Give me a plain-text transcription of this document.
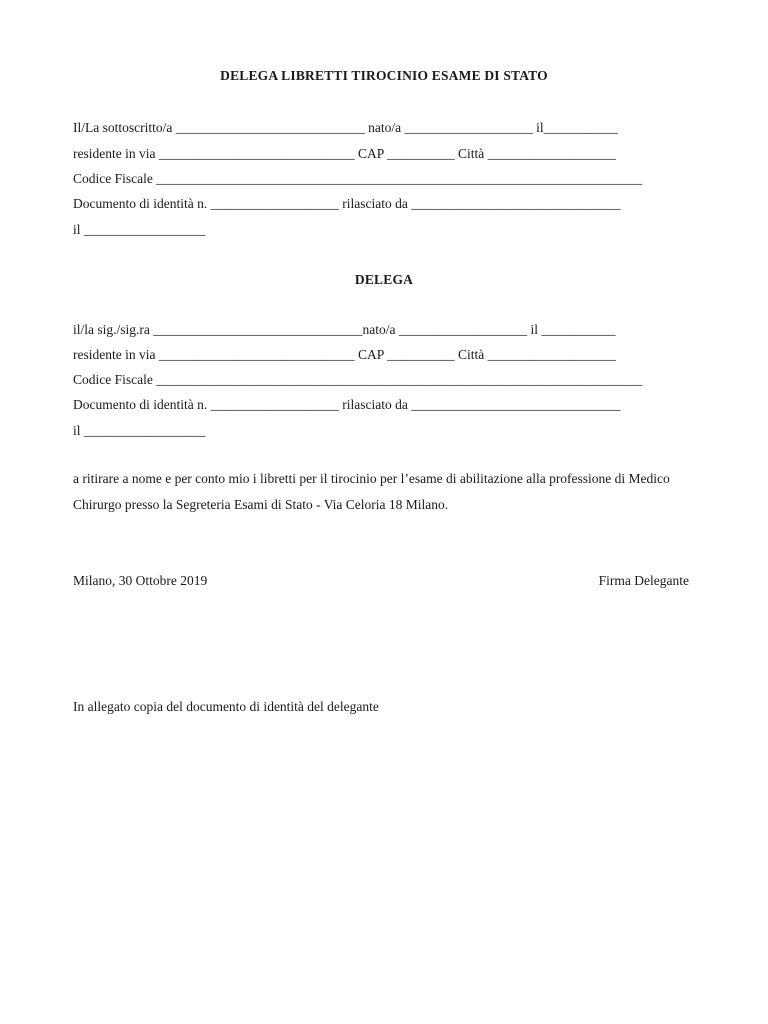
DELEGA LIBRETTI TIROCINIO ESAME DI STATO
Il/La sottoscritto/a ____________________________ nato/a ___________________ il___________
residente in via _____________________________ CAP __________ Città ___________________
Codice Fiscale ________________________________________________________________________
Documento di identità n. ___________________ rilasciato da _______________________________
il __________________
DELEGA
il/la sig./sig.ra _______________________________nato/a ___________________ il ___________
residente in via _____________________________ CAP __________ Città ___________________
Codice Fiscale ________________________________________________________________________
Documento di identità n. ___________________ rilasciato da _______________________________
il __________________
a ritirare a nome e per conto mio i libretti per il tirocinio per l’esame di abilitazione alla professione di Medico Chirurgo presso la Segreteria Esami di Stato - Via Celoria 18 Milano.
Milano, 30 Ottobre 2019	Firma Delegante
In allegato copia del documento di identità del delegante
